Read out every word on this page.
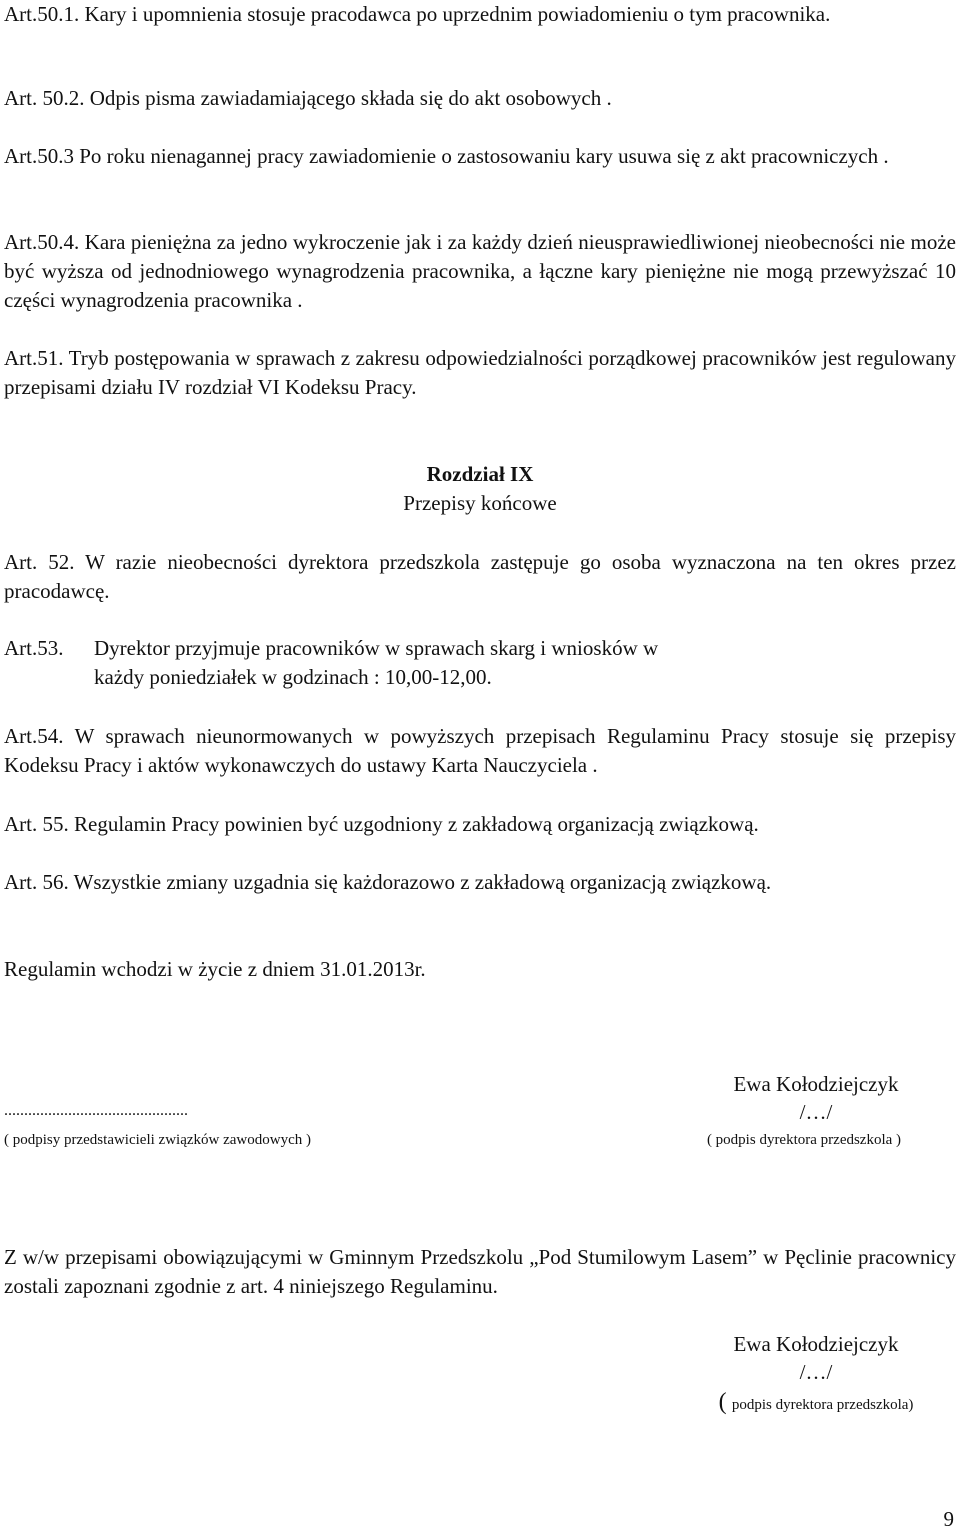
Art.50.1. Kary i upomnienia stosuje pracodawca po uprzednim powiadomieniu o tym pracownika.

Art. 50.2. Odpis pisma zawiadamiającego składa się do akt osobowych .

Art.50.3 Po roku nienagannej pracy zawiadomienie o zastosowaniu kary usuwa się z akt pracowniczych .

Art.50.4. Kara pieniężna za jedno wykroczenie jak i za każdy dzień nieusprawiedliwionej nieobecności nie może być wyższa od jednodniowego wynagrodzenia pracownika, a łączne kary pieniężne nie mogą przewyższać 10 części wynagrodzenia pracownika .

Art.51. Tryb postępowania w sprawach z zakresu odpowiedzialności porządkowej pracowników jest regulowany przepisami działu IV rozdział VI Kodeksu Pracy.

Rozdział IX
Przepisy końcowe

Art. 52. W razie nieobecności dyrektora przedszkola zastępuje go osoba wyznaczona na ten okres przez pracodawcę.

Art.53.	Dyrektor przyjmuje pracowników w sprawach skarg i wniosków w
każdy poniedziałek w godzinach : 10,00-12,00.

Art.54. W sprawach nieunormowanych w powyższych przepisach Regulaminu Pracy stosuje się przepisy Kodeksu Pracy i aktów wykonawczych do ustawy Karta Nauczyciela .

Art. 55. Regulamin Pracy powinien być uzgodniony z zakładową organizacją związkową.

Art. 56. Wszystkie zmiany uzgadnia się każdorazowo z zakładową organizacją związkową.

Regulamin wchodzi w życie z dniem 31.01.2013r.

Ewa Kołodziejczyk
..............................................	/…/
( podpisy przedstawicieli związków zawodowych )	( podpis dyrektora przedszkola )

Z w/w przepisami obowiązującymi w Gminnym Przedszkolu „Pod Stumilowym Lasem” w Pęclinie pracownicy zostali zapoznani zgodnie z art. 4 niniejszego Regulaminu.

Ewa Kołodziejczyk
/…/
( podpis dyrektora przedszkola)
9
